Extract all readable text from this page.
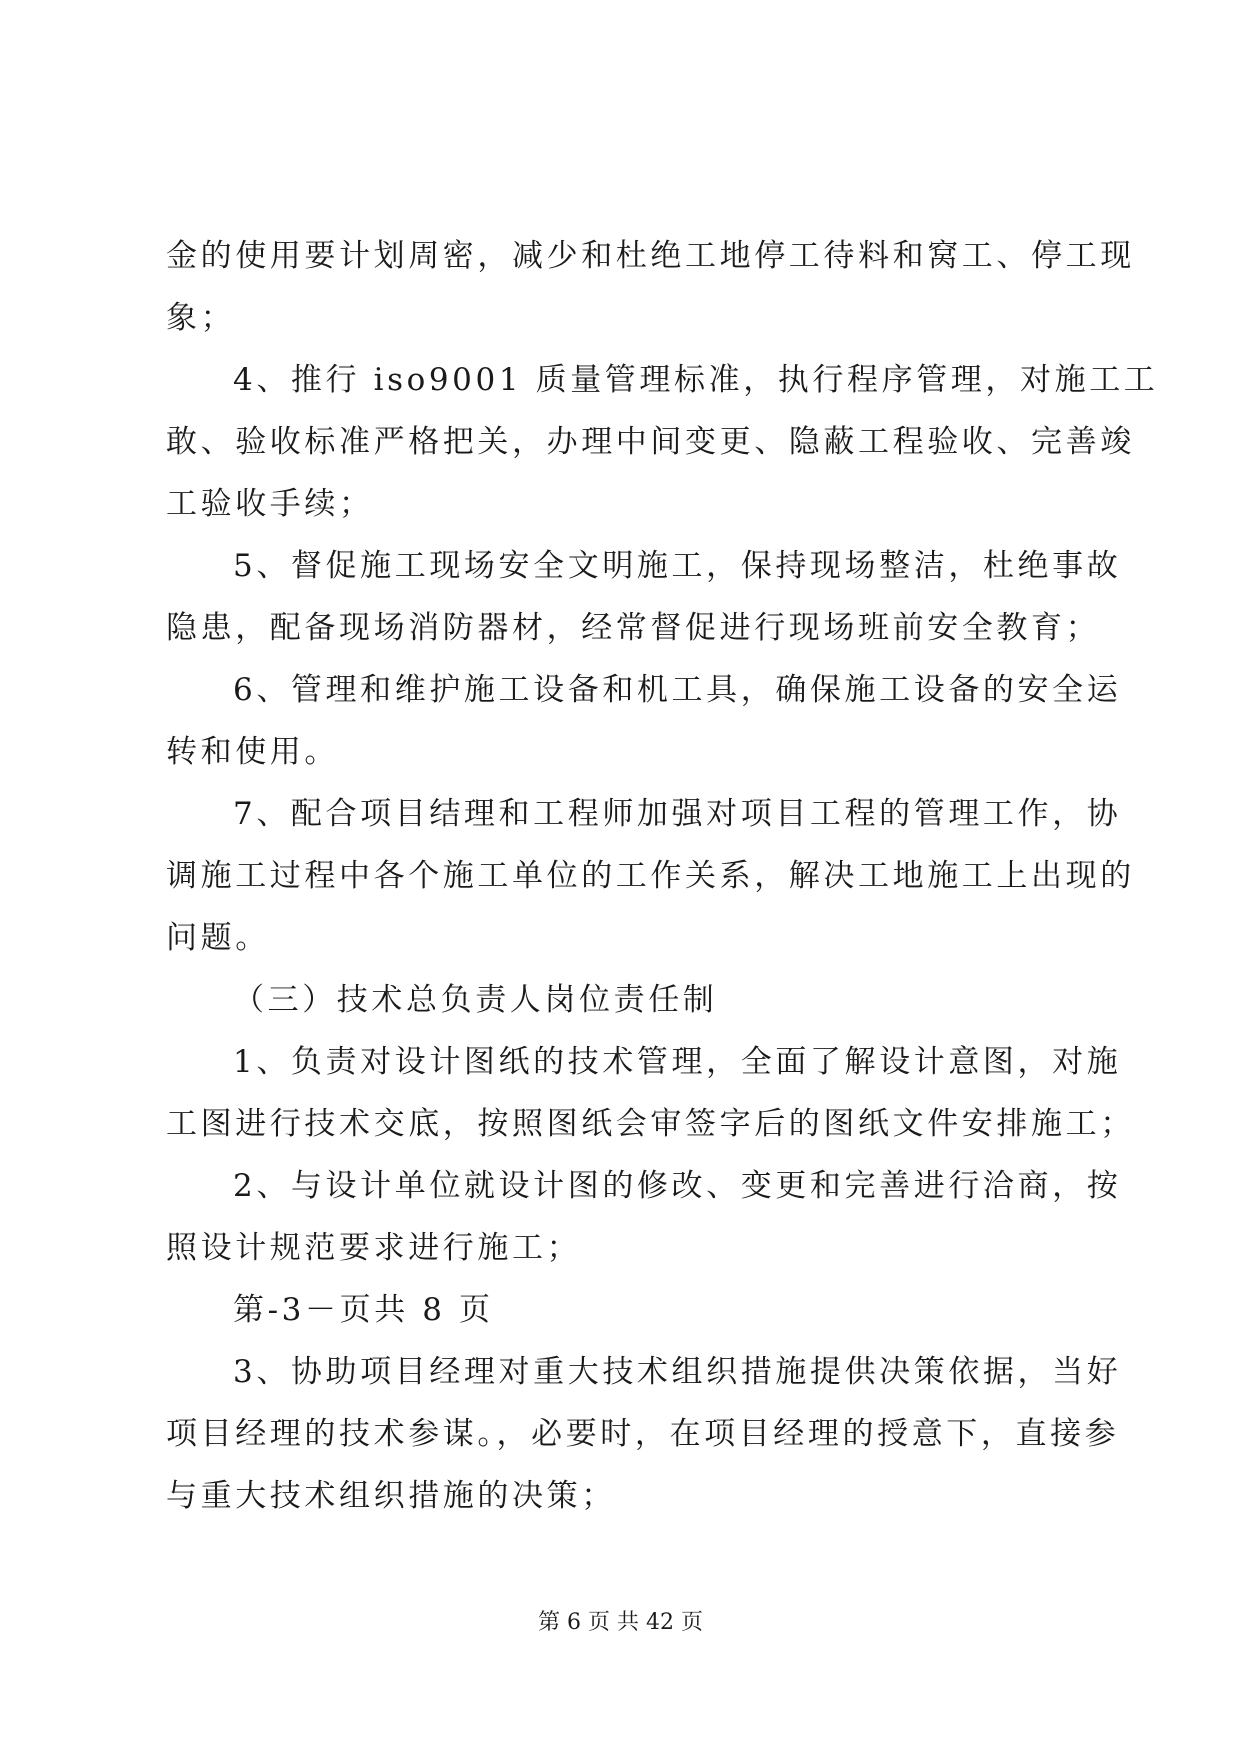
金的使用要计划周密，减少和杜绝工地停工待料和窝工、停工现
象；
4、推行 iso9001 质量管理标准，执行程序管理，对施工工
敢、验收标准严格把关，办理中间变更、隐蔽工程验收、完善竣
工验收手续；
5、督促施工现场安全文明施工，保持现场整洁，杜绝事故
隐患，配备现场消防器材，经常督促进行现场班前安全教育；
6、管理和维护施工设备和机工具，确保施工设备的安全运
转和使用。
7、配合项目结理和工程师加强对项目工程的管理工作，协
调施工过程中各个施工单位的工作关系，解决工地施工上出现的
问题。
（三）技术总负责人岗位责任制
1、负责对设计图纸的技术管理，全面了解设计意图，对施
工图进行技术交底，按照图纸会审签字后的图纸文件安排施工；
2、与设计单位就设计图的修改、变更和完善进行洽商，按
照设计规范要求进行施工；
第-3－页共 8 页
3、协助项目经理对重大技术组织措施提供决策依据，当好
项目经理的技术参谋。，必要时，在项目经理的授意下，直接参
与重大技术组织措施的决策；
第 6 页 共 42 页
